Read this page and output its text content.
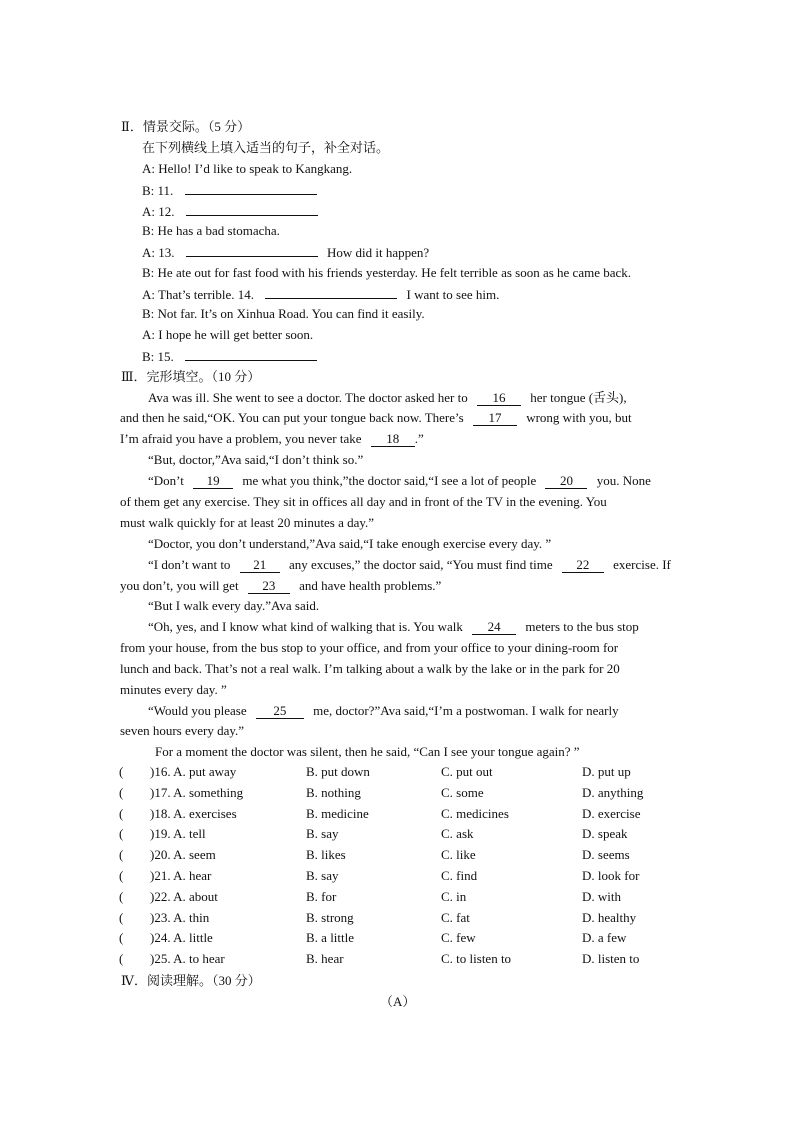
Ⅱ．情景交际。（5 分）
在下列横线上填入适当的句子，补全对话。
A: Hello! I’d like to speak to Kangkang.
B: 11.
A: 12.
B: He has a bad stomacha.
A: 13.	How did it happen?
B: He ate out for fast food with his friends yesterday. He felt terrible as soon as he came back.
A: That’s terrible. 14.	I want to see him.
B: Not far. It’s on Xinhua Road. You can find it easily.
A: I hope he will get better soon.
B: 15.
Ⅲ．完形填空。（10 分）
Ava was ill. She went to see a doctor. The doctor asked her to 16 her tongue (舌头),
and then he said,“OK. You can put your tongue back now. There’s 17 wrong with you, but
I’m afraid you have a problem, you never take 18 .”
“But, doctor,”Ava said,“I don’t think so.”
“Don’t 19 me what you think,”the doctor said,“I see a lot of people 20 you. None
of them get any exercise. They sit in offices all day and in front of the TV in the evening. You
must walk quickly for at least 20 minutes a day.”
“Doctor, you don’t understand,”Ava said,“I take enough exercise every day. ”
“I don’t want to 21 any excuses,” the doctor said, “You must find time 22 exercise. If
you don’t, you will get 23 and have health problems.”
“But I walk every day.”Ava said.
“Oh, yes, and I know what kind of walking that is. You walk 24 meters to the bus stop
from your house, from the bus stop to your office, and from your office to your dining-room for
lunch and back. That’s not a real walk. I’m talking about a walk by the lake or in the park for 20
minutes every day. ”
“Would you please 25 me, doctor?”Ava said,“I’m a postwoman. I walk for nearly
seven hours every day.”
For a moment the doctor was silent, then he said, “Can I see your tongue again? ”
( )16. A. put away	B. put down	C. put out	D. put up
( )17. A. something	B. nothing	C. some	D. anything
( )18. A. exercises	B. medicine	C. medicines	D. exercise
( )19. A. tell	B. say	C. ask	D. speak
( )20. A. seem	B. likes	C. like	D. seems
( )21. A. hear	B. say	C. find	D. look for
( )22. A. about	B. for	C. in	D. with
( )23. A. thin	B. strong	C. fat	D. healthy
( )24. A. little	B. a little	C. few	D. a few
( )25. A. to hear	B. hear	C. to listen to	D. listen to
Ⅳ．阅读理解。（30 分）
（A）
